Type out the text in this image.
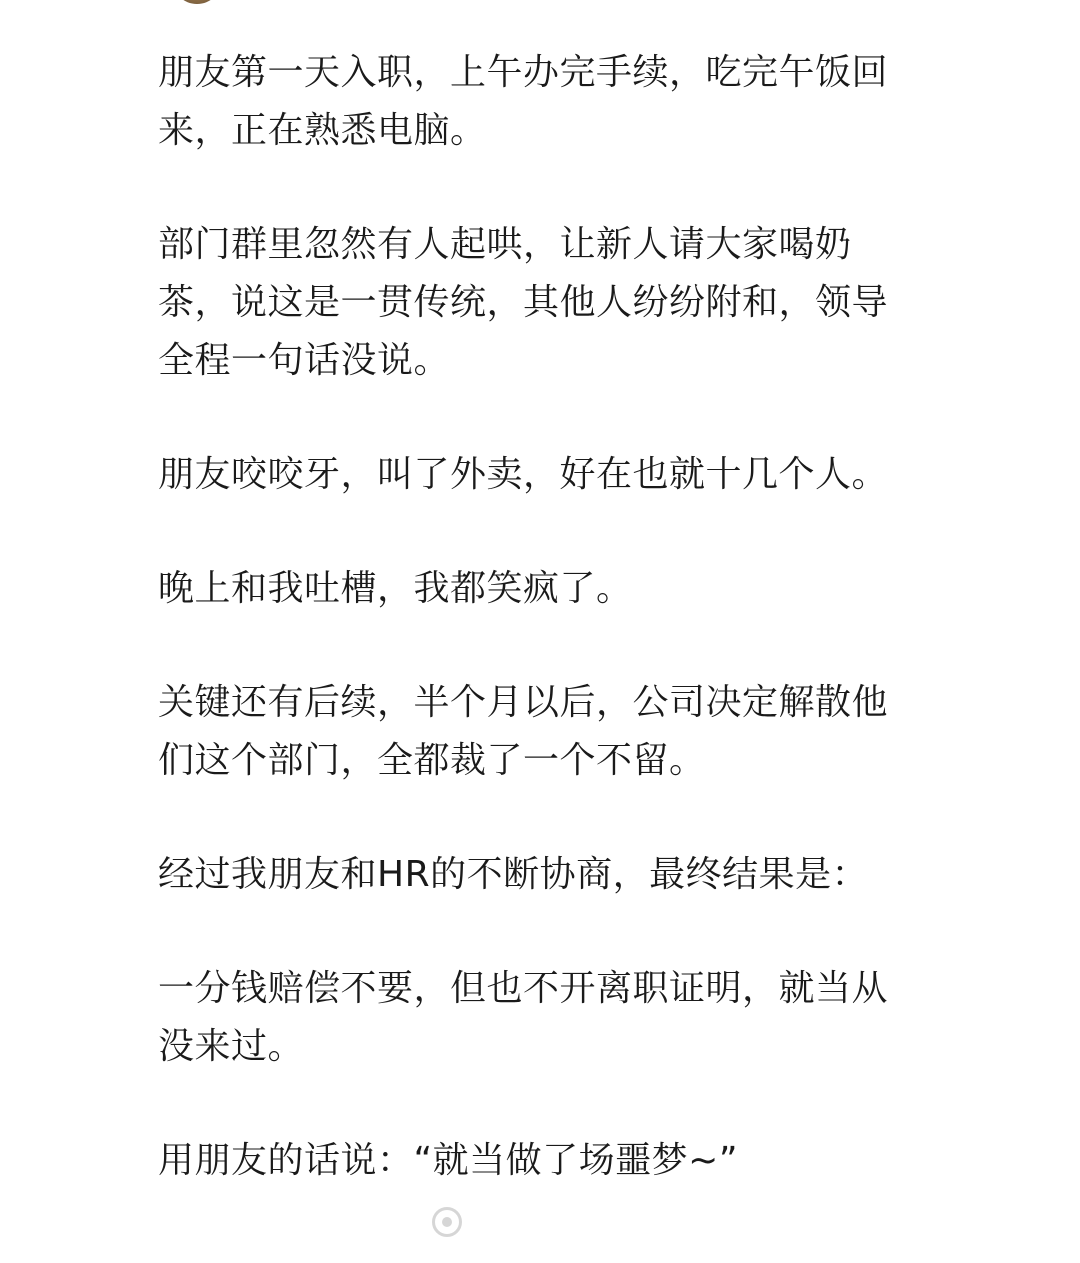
朋友第一天入职，上午办完手续，吃完午饭回来，正在熟悉电脑。

部门群里忽然有人起哄，让新人请大家喝奶茶，说这是一贯传统，其他人纷纷附和，领导全程一句话没说。

朋友咬咬牙，叫了外卖，好在也就十几个人。

晚上和我吐槽，我都笑疯了。

关键还有后续，半个月以后，公司决定解散他们这个部门，全都裁了一个不留。

经过我朋友和HR的不断协商，最终结果是：

一分钱赔偿不要，但也不开离职证明，就当从没来过。

用朋友的话说：“就当做了场噩梦~”
